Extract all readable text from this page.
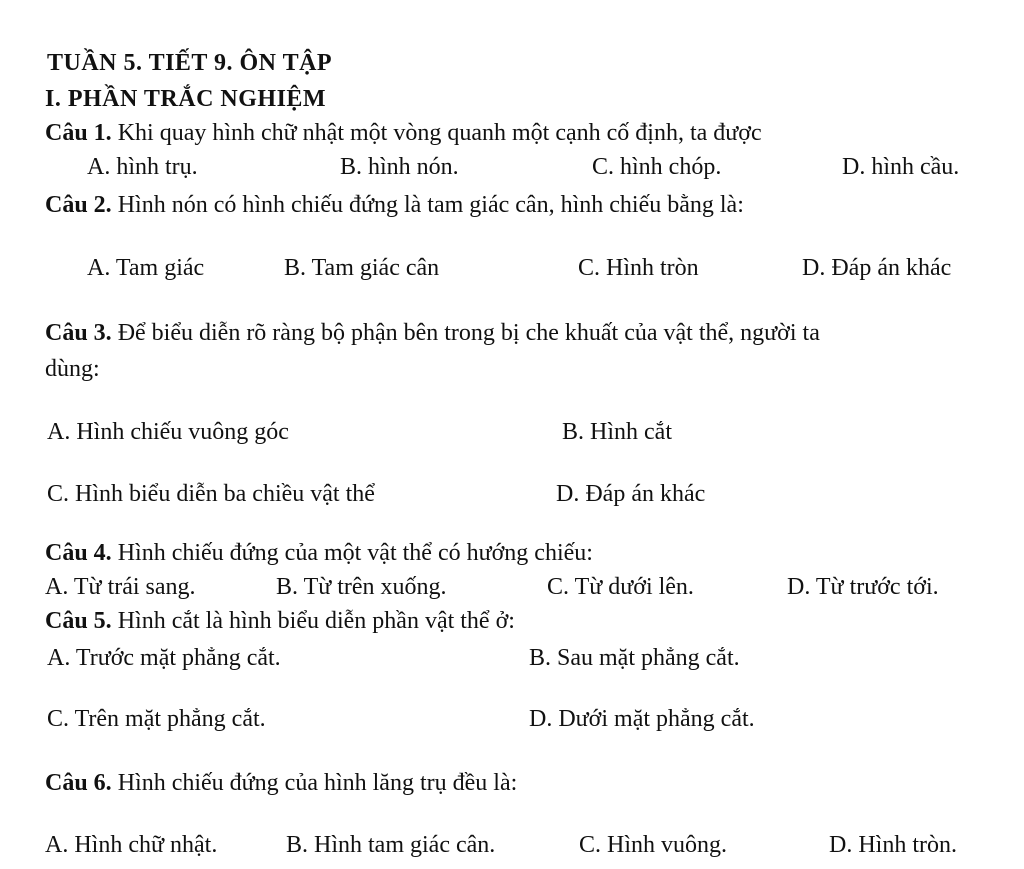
TUẦN 5. TIẾT 9. ÔN TẬP
I. PHẦN TRẮC NGHIỆM
Câu 1. Khi quay hình chữ nhật một vòng quanh một cạnh cố định, ta được
A. hình trụ.	B. hình nón.	C. hình chóp.	D. hình cầu.
Câu 2. Hình nón có hình chiếu đứng là tam giác cân, hình chiếu bằng là:
A. Tam giác	B. Tam giác cân	C. Hình tròn	D. Đáp án khác
Câu 3. Để biểu diễn rõ ràng bộ phận bên trong bị che khuất của vật thể, người ta
dùng:
A. Hình chiếu vuông góc	B. Hình cắt
C. Hình biểu diễn ba chiều vật thể	D. Đáp án khác
Câu 4. Hình chiếu đứng của một vật thể có hướng chiếu:
A. Từ trái sang.	B. Từ trên xuống.	C. Từ dưới lên.	D. Từ trước tới.
Câu 5. Hình cắt là hình biểu diễn phần vật thể ở:
A. Trước mặt phẳng cắt.	B. Sau mặt phẳng cắt.
C. Trên mặt phẳng cắt.	D. Dưới mặt phẳng cắt.
Câu 6. Hình chiếu đứng của hình lăng trụ đều là:
A. Hình chữ nhật.	B. Hình tam giác cân.	C. Hình vuông.	D. Hình tròn.
